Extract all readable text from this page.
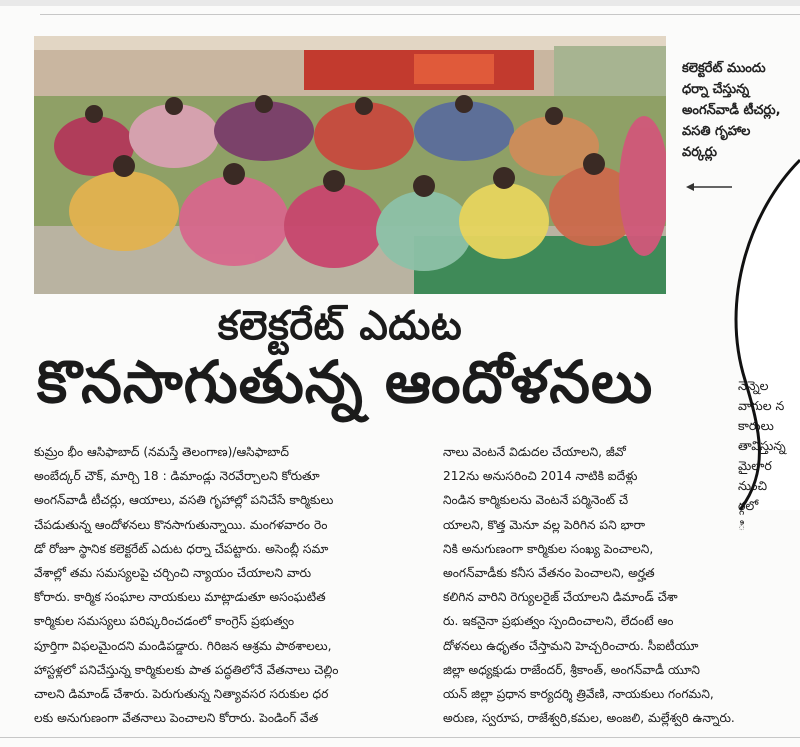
కలెక్టరేట్ ముందు
ధర్నా చేస్తున్న
అంగన్‌వాడీ టీచర్లు,
వసతి గృహాల
వర్కర్లు
కలెక్టరేట్ ఎదుట
కొనసాగుతున్న ఆందోళనలు
కుమ్రం భీం ఆసిఫాబాద్ (నమస్తే తెలంగాణ)/ఆసిఫాబాద్
అంబేద్కర్ చౌక్, మార్చి 18 : డిమాండ్లు నెరవేర్చాలని కోరుతూ
అంగన్‌వాడీ టీచర్లు, ఆయాలు, వసతి గృహాల్లో పనిచేసే కార్మికులు
చేపడుతున్న ఆందోళనలు కొనసాగుతున్నాయి. మంగళవారం రెం
డో రోజూ స్థానిక కలెక్టరేట్ ఎదుట ధర్నా చేపట్టారు. అసెంబ్లీ సమా
వేశాల్లో తమ సమస్యలపై చర్చించి న్యాయం చేయాలని వారు
కోరారు. కార్మిక సంఘాల నాయకులు మాట్లాడుతూ అసంఘటిత
కార్మికుల సమస్యలు పరిష్కరించడంలో కాంగ్రెస్ ప్రభుత్వం
పూర్తిగా విఫలమైందని మండిపడ్డారు. గిరిజన ఆశ్రమ పాఠశాలలు,
హాస్టళ్లలో పనిచేస్తున్న కార్మికులకు పాత పద్ధతిలోనే వేతనాలు చెల్లిం
చాలని డిమాండ్ చేశారు. పెరుగుతున్న నిత్యావసర సరుకుల ధర
లకు అనుగుణంగా వేతనాలు పెంచాలని కోరారు. పెండింగ్ వేత
నాలు వెంటనే విడుదల చేయాలని, జీవో
212ను అనుసరించి 2014 నాటికి ఐదేళ్లు
నిండిన కార్మికులను వెంటనే పర్మినెంట్ చే
యాలని, కొత్త మెనూ వల్ల పెరిగిన పని భారా
నికి అనుగుణంగా కార్మికుల సంఖ్య పెంచాలని,
అంగన్‌వాడీకు కనీస వేతనం పెంచాలని, అర్హత
కలిగిన వారిని రెగ్యులరైజ్ చేయాలని డిమాండ్ చేశా
రు. ఇకనైనా ప్రభుత్వం స్పందించాలని, లేదంటే ఆం
దోళనలు ఉధృతం చేస్తామని హెచ్చరించారు. సీఐటీయూ
జిల్లా అధ్యక్షుడు రాజేందర్, శ్రీకాంత్, అంగన్‌వాడీ యూని
యన్ జిల్లా ప్రధాన కార్యదర్శి త్రివేణి, నాయకులు గంగమని,
అరుణ, స్వరూప, రాజేశ్వరి,కమల, అంజలి, మల్లేశ్వరి ఉన్నారు.
నెన్నెల
వాగుల న
కారులు
తావిస్తున్న
మైలార
నుంచి
ర్గలో
ి
